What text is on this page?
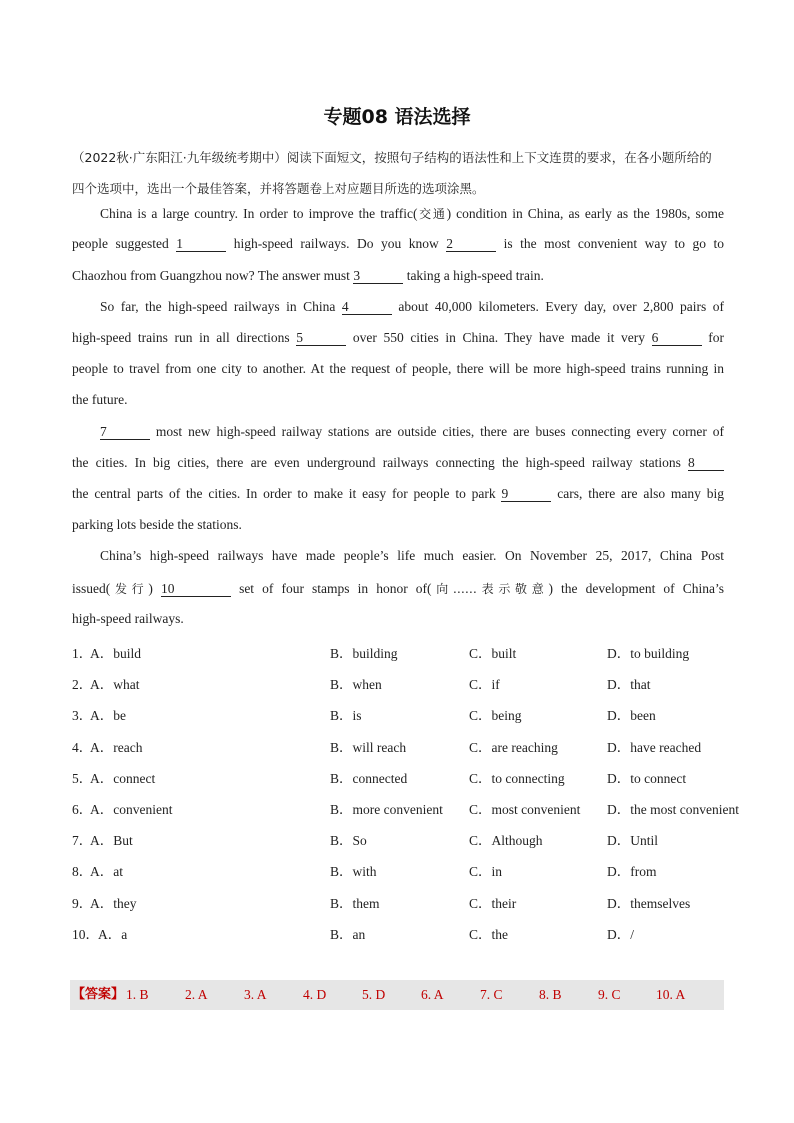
专题08 语法选择
（2022秋·广东阳江·九年级统考期中）阅读下面短文，按照句子结构的语法性和上下文连贯的要求，在各小题所给的四个选项中，选出一个最佳答案，并将答题卷上对应题目所选的选项涂黑。
China is a large country. In order to improve the traffic(交通) condition in China, as early as the 1980s, some
people suggested 1	high-speed railways. Do you know 2	is the most convenient way to go to
Chaozhou from Guangzhou now? The answer must 3	taking a high-speed train.
So far, the high-speed railways in China 4	about 40,000 kilometers. Every day, over 2,800 pairs of
high-speed trains run in all directions 5	over 550 cities in China. They have made it very 6	for
people to travel from one city to another. At the request of people, there will be more high-speed trains running in
the future.
7	most new high-speed railway stations are outside cities, there are buses connecting every corner of
the cities. In big cities, there are even underground railways connecting the high-speed railway stations 8
the central parts of the cities. In order to make it easy for people to park 9	cars, there are also many big
parking lots beside the stations.
China’s high-speed railways have made people’s life much easier. On November 25, 2017, China Post
issued(发行) 10	set of four stamps in honor of(向……表示敬意) the development of China’s
high-speed railways.
1．
A．build	B．building	C．built	D．to building
2．
A．what	B．when	C．if	D．that
3．
A．be	B．is	C．being	D．been
4．
A．reach	B．will reach	C．are reaching	D．have reached
5．
A．connect	B．connected	C．to connecting	D．to connect
6．
A．convenient	B．more convenient C．most convenient D．the most convenient
7．
A．But	B．So	C．Although	D．Until
8．
A．at	B．with	C．in	D．from
9．
A．they	B．them	C．their	D．themselves
10． A．a	B．an	C．the	D．/
【答案】 1. B	2. A	3. A	4. D	5. D	6. A	7. C	8. B	9. C	10. A
